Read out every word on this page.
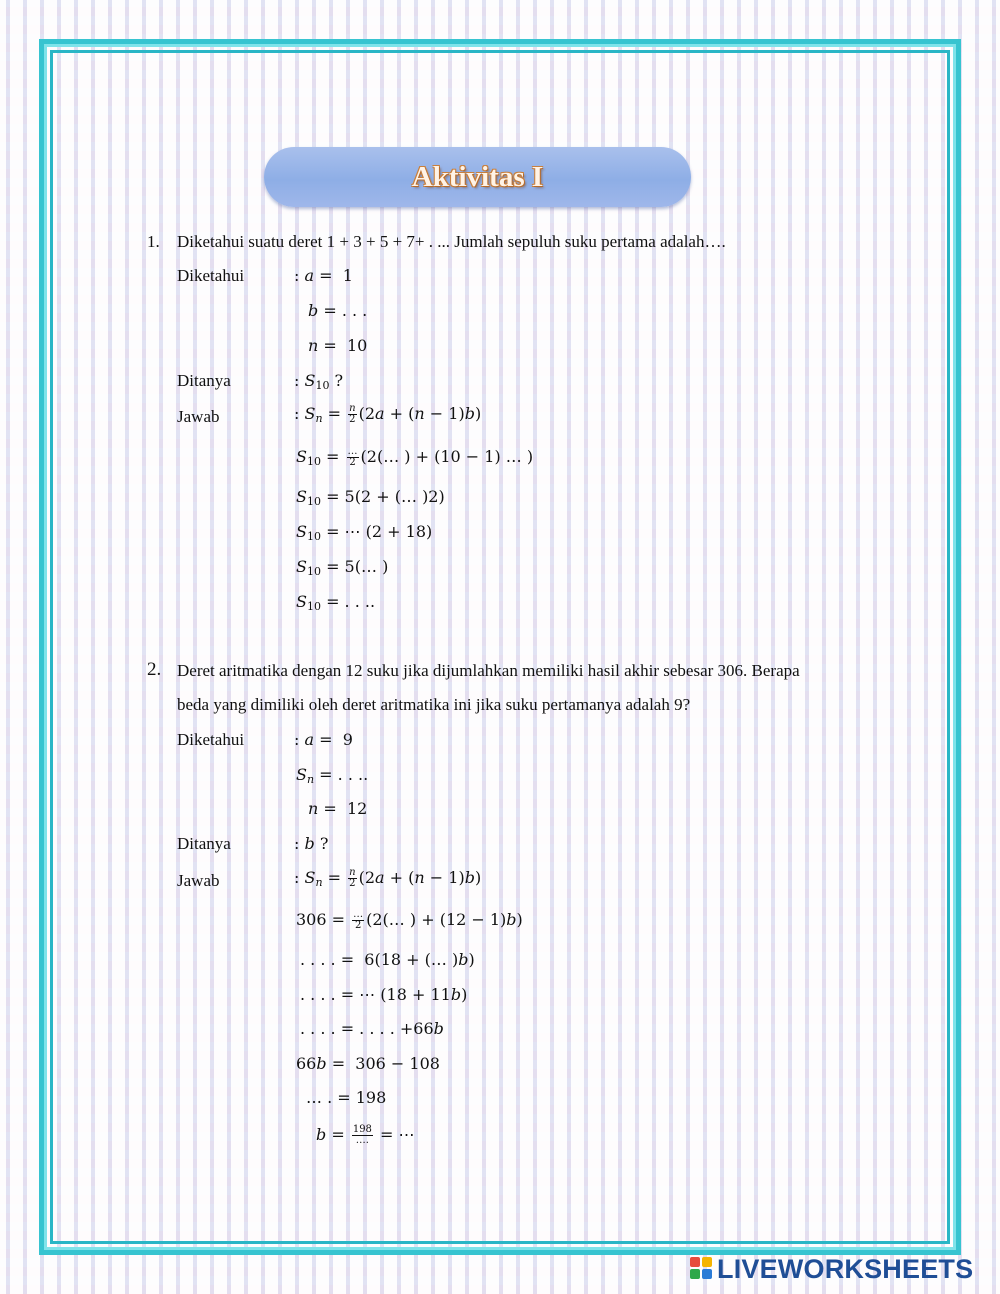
Aktivitas I
1. Diketahui suatu deret 1 + 3 + 5 + 7+ . ... Jumlah sepuluh suku pertama adalah….
Diketahui	: a =  1
b = . . .
n =  10
Ditanya	: $S_{10}$ ?
Jawab	: $S_n = \frac{n}{2} (2a + (n - 1)b)$
$S_{10} = \frac{\dots}{2}$ (2(… ) + (10 − 1) … )
$S_{10} = 5(2$ + (… )2)
$S_{10}$ = ⋯ (2 + 18)
$S_{10}$ = 5(… )
$S_{10}$ = . . ..
2. Deret aritmatika dengan 12 suku jika dijumlahkan memiliki hasil akhir sebesar 306. Berapa
beda yang dimiliki oleh deret aritmatika ini jika suku pertamanya adalah 9?
Diketahui	: a =  9
$S_n$ = . . ..
n =  12
Ditanya	: b ?
Jawab	: $S_n = \frac{n}{2} (2a + (n - 1)b)$
$306 = \frac{\dots}{2}$ (2(… ) + (12 − 1)b)
. . . . =  6(18 + (… )b)
. . . . = ⋯ (18 + 11b)
. . . . = . . . . +66b
66b =  306 − 108
… . = 198
$b = \frac{198}{\dots.}$ = ⋯
LIVEWORKSHEETS
